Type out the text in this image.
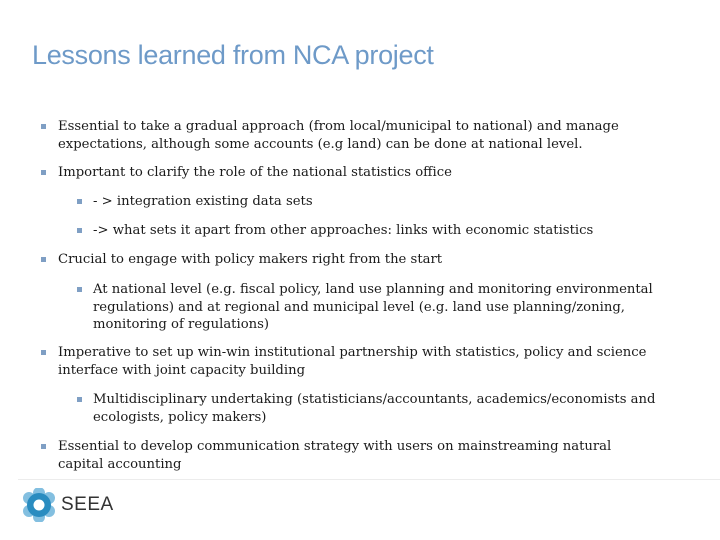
Lessons learned from NCA project
Essential to take a gradual approach (from local/municipal to national) and manage expectations, although some accounts (e.g land) can be done at national level.
Important to clarify the role of the national statistics office
- > integration existing data sets
-> what sets it apart from other approaches: links with economic statistics
Crucial to engage with policy makers right from the start
At national level (e.g. fiscal policy, land use planning and monitoring environmental regulations) and at regional and municipal level (e.g. land use planning/zoning, monitoring of regulations)
Imperative to set up win-win institutional partnership with statistics, policy and science interface with joint capacity building
Multidisciplinary undertaking (statisticians/accountants, academics/economists and ecologists, policy makers)
Essential to develop communication strategy with users on mainstreaming natural capital accounting
SEEA
